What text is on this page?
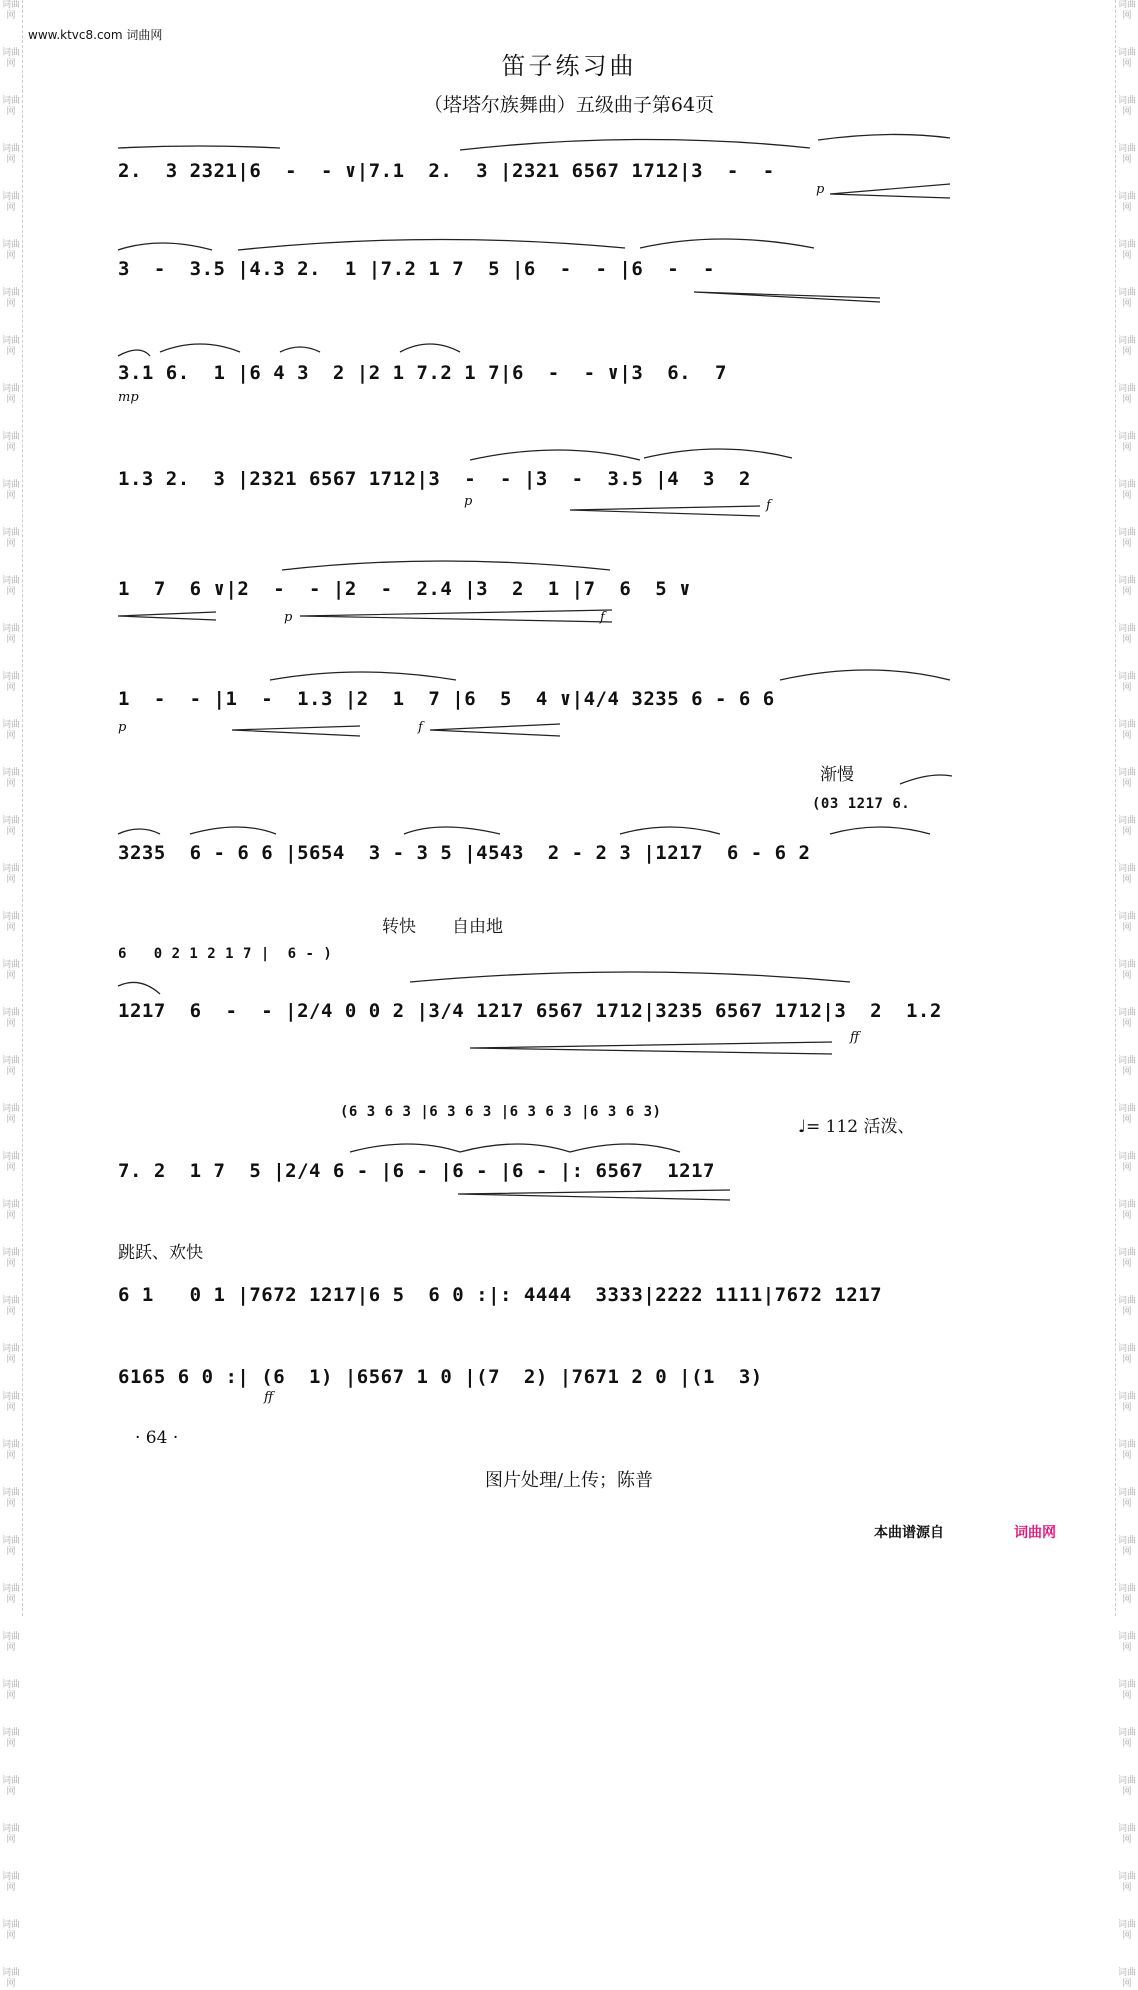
词曲网
词曲网
词曲网
词曲网
词曲网
词曲网
词曲网
词曲网
词曲网
词曲网
词曲网
词曲网
词曲网
词曲网
词曲网
词曲网
词曲网
词曲网
词曲网
词曲网
词曲网
词曲网
词曲网
词曲网
词曲网
词曲网
词曲网
词曲网
词曲网
词曲网
词曲网
词曲网
词曲网
词曲网
词曲网
词曲网
词曲网
词曲网
词曲网
词曲网
词曲网
词曲网
词曲网
词曲网
词曲网
词曲网
词曲网
词曲网
词曲网
词曲网
词曲网
词曲网
词曲网
词曲网
词曲网
词曲网
词曲网
词曲网
词曲网
词曲网
词曲网
词曲网
词曲网
词曲网
词曲网
词曲网
词曲网
词曲网
词曲网
词曲网
词曲网
词曲网
词曲网
词曲网
词曲网
词曲网
词曲网
词曲网
词曲网
词曲网
词曲网
词曲网
词曲网
词曲网
www.ktvc8.com 词曲网
笛子练习曲
（塔塔尔族舞曲）五级曲子第64页
2.  3 2321|6  -  - ∨|7.1  2.  3 |2321 6567 1712|3  -  -
3  -  3.5 |4.3 2.  1 |7.2 1 7  5 |6  -  - |6  -  -
3.1 6.  1 |6 4 3  2 |2 1 7.2 1 7|6  -  - ∨|3  6.  7
1.3 2.  3 |2321 6567 1712|3  -  - |3  -  3.5 |4  3  2
1  7  6 ∨|2  -  - |2  -  2.4 |3  2  1 |7  6  5 ∨
1  -  - |1  -  1.3 |2  1  7 |6  5  4 ∨|4/4 3235 6 - 6 6
3235  6 - 6 6 |5654  3 - 3 5 |4543  2 - 2 3 |1217  6 - 6 2
1217  6  -  - |2/4 0 0 2 |3/4 1217 6567 1712|3235 6567 1712|3  2  1.2
7. 2  1 7  5 |2/4 6 - |6 - |6 - |6 - |: 6567  1217
6 1   0 1 |7672 1217|6 5  6 0 :|: 4444  3333|2222 1111|7672 1217
6165 6 0 :| (6  1) |6567 1 0 |(7  2) |7671 2 0 |(1  3)
(03 1217 6.
6   0 2 1 2 1 7 |  6 - )
(6 3 6 3 |6 3 6 3 |6 3 6 3 |6 3 6 3)
渐慢
转快 自由地
♩= 112 活泼、
跳跃、欢快
p
mp
p	f
p	f
p	f
ff
ff
· 64 ·
图片处理/上传；陈普
本曲谱源自	词曲网
